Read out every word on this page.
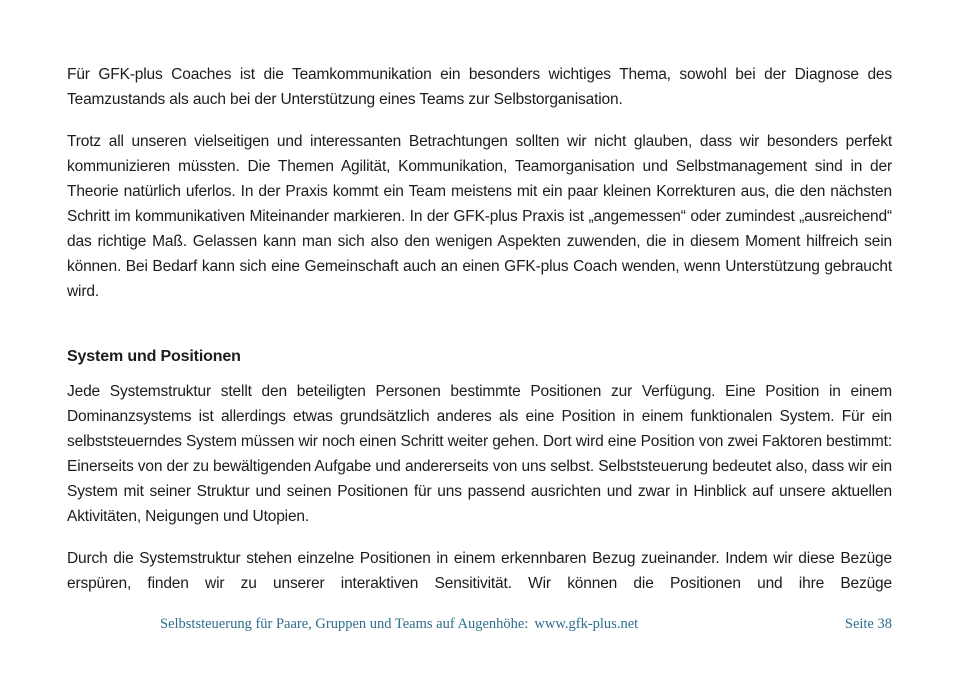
Für GFK-plus Coaches ist die Teamkommunikation ein besonders wichtiges Thema, sowohl bei der Diagnose des Teamzustands als auch bei der Unterstützung eines Teams zur Selbstorganisation.

Trotz all unseren vielseitigen und interessanten Betrachtungen sollten wir nicht glauben, dass wir besonders perfekt kommunizieren müssten. Die Themen Agilität, Kommunikation, Teamorganisation und Selbstmanagement sind in der Theorie natürlich uferlos. In der Praxis kommt ein Team meistens mit ein paar kleinen Korrekturen aus, die den nächsten Schritt im kommunikativen Miteinander markieren. In der GFK-plus Praxis ist „angemessen“ oder zumindest „ausreichend“ das richtige Maß. Gelassen kann man sich also den wenigen Aspekten zuwenden, die in diesem Moment hilfreich sein können. Bei Bedarf kann sich eine Gemeinschaft auch an einen GFK-plus Coach wenden, wenn Unterstützung gebraucht wird.

System und Positionen

Jede Systemstruktur stellt den beteiligten Personen bestimmte Positionen zur Verfügung. Eine Position in einem Dominanzsystems ist allerdings etwas grundsätzlich anderes als eine Position in einem funktionalen System. Für ein selbststeuerndes System müssen wir noch einen Schritt weiter gehen. Dort wird eine Position von zwei Faktoren bestimmt: Einerseits von der zu bewältigenden Aufgabe und andererseits von uns selbst. Selbststeuerung bedeutet also, dass wir ein System mit seiner Struktur und seinen Positionen für uns passend ausrichten und zwar in Hinblick auf unsere aktuellen Aktivitäten, Neigungen und Utopien.

Durch die Systemstruktur stehen einzelne Positionen in einem erkennbaren Bezug zueinander. Indem wir diese Bezüge erspüren, finden wir zu unserer interaktiven Sensitivität. Wir können die Positionen und ihre Bezüge

Selbststeuerung für Paare, Gruppen und Teams auf Augenhöhe: www.gfk-plus.net	Seite 38
